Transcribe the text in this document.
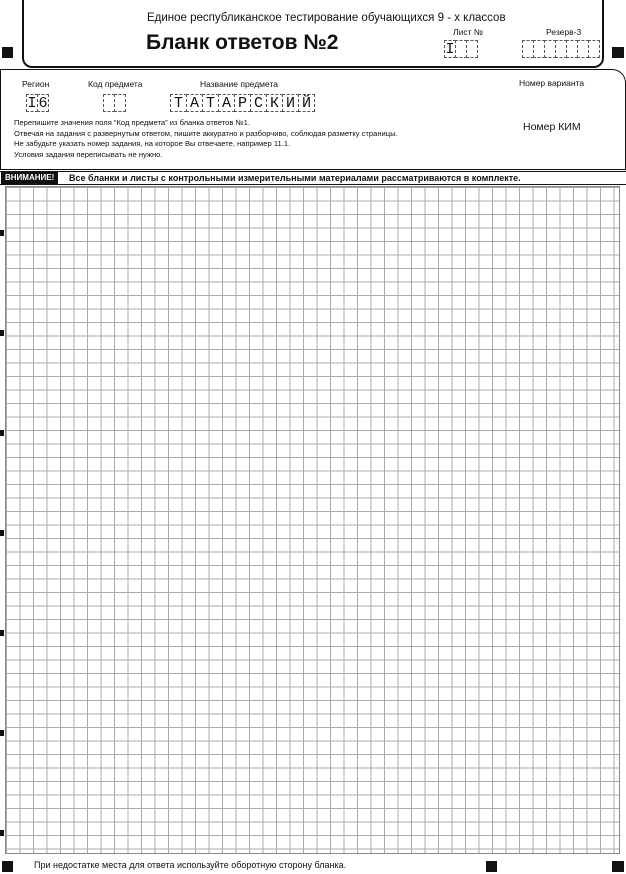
Единое республиканское тестирование обучающихся 9 - х классов
Бланк ответов №2	Лист №
I
Резерв-3
Регион
I 6
Код предмета	Название предмета
Т А Т А Р С К И Й
Номер варианта
Номер КИМ
Перепишите значения поля “Код предмета” из бланка ответов №1.
Отвечая на задания с развернутым ответом, пишите аккуратно и разборчиво, соблюдая разметку страницы.
Не забудьте указать номер задания, на которое Вы отвечаете, например 11.1.
Условия задания переписывать не нужно.
ВНИМАНИЕ!	Все бланки и листы с контрольными измерительными материалами рассматриваются в комплекте.
При недостатке места для ответа используйте оборотную сторону бланка.
